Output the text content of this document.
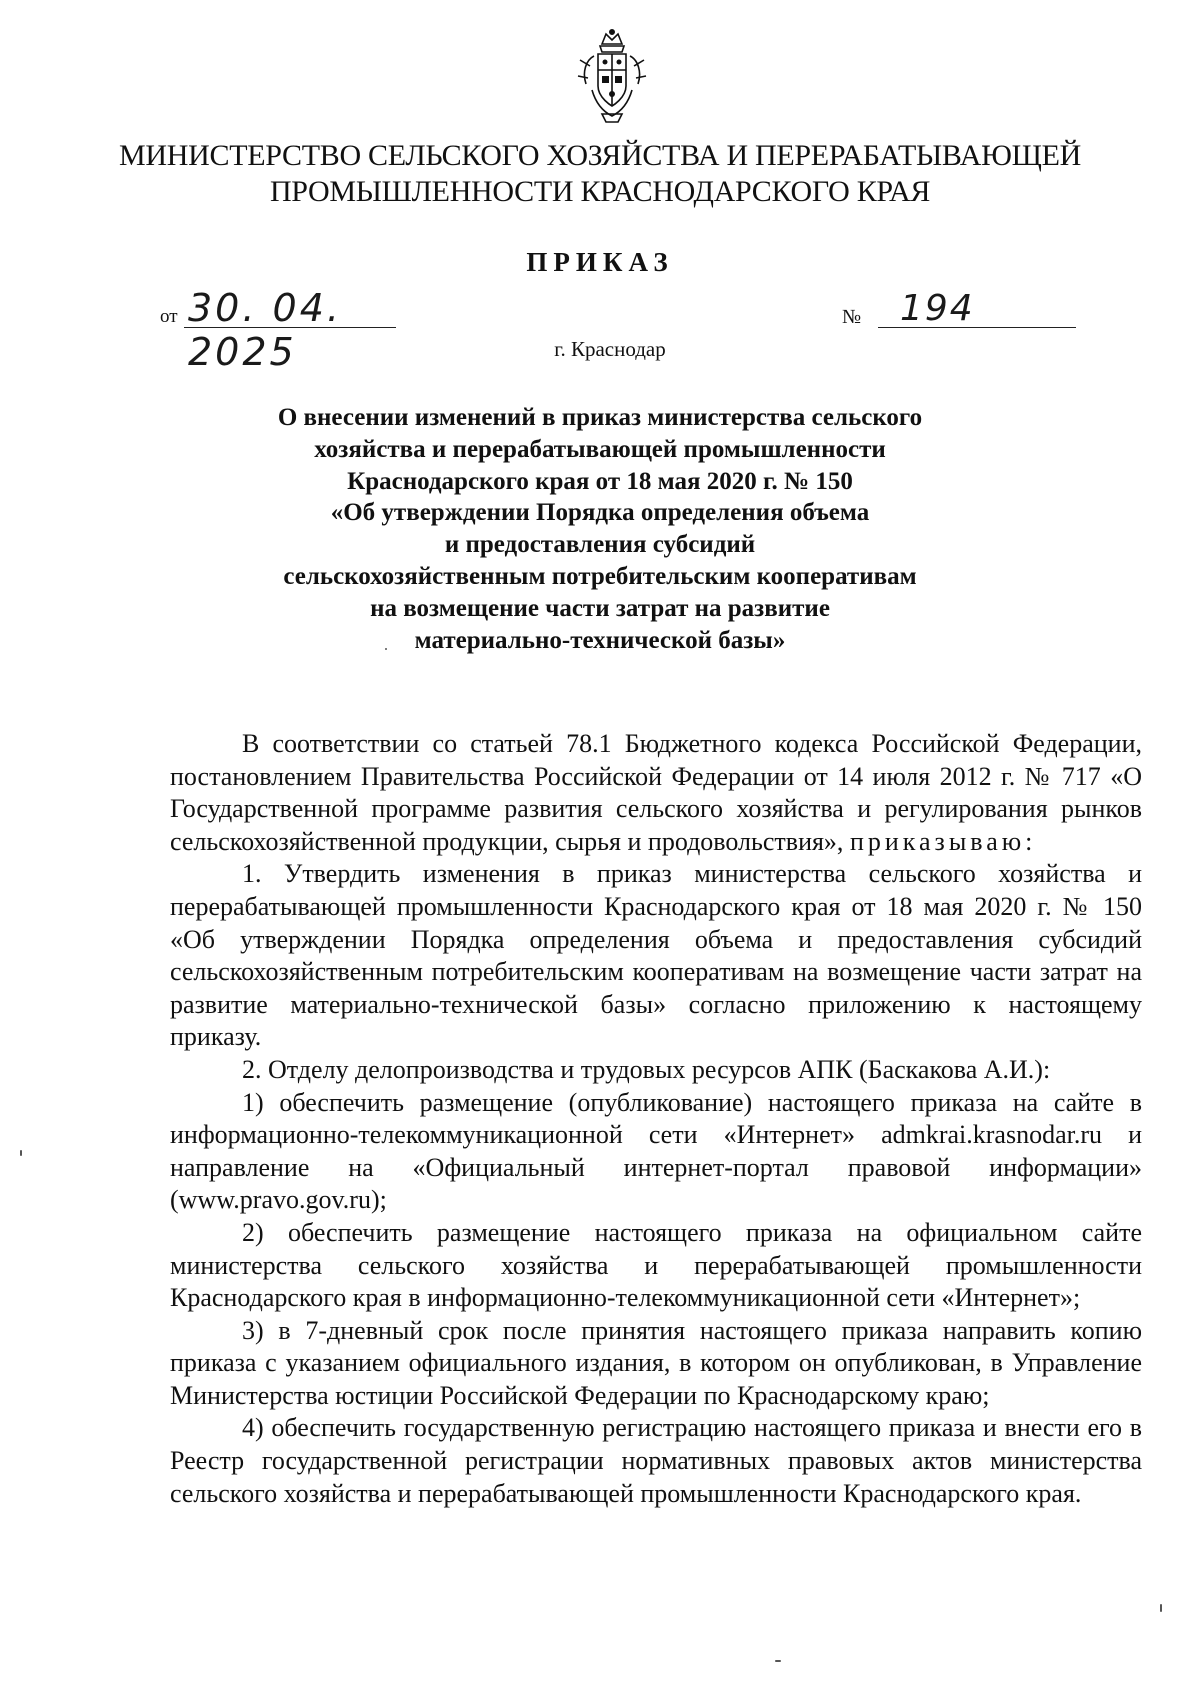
МИНИСТЕРСТВО СЕЛЬСКОГО ХОЗЯЙСТВА И ПЕРЕРАБАТЫВАЮЩЕЙ
ПРОМЫШЛЕННОСТИ КРАСНОДАРСКОГО КРАЯ
ПРИКАЗ
от 30. 04. 2025
№ 194
г. Краснодар
О внесении изменений в приказ министерства сельского
хозяйства и перерабатывающей промышленности
Краснодарского края от 18 мая 2020 г. № 150
«Об утверждении Порядка определения объема
и предоставления субсидий
сельскохозяйственным потребительским кооперативам
на возмещение части затрат на развитие
материально-технической базы»

В соответствии со статьей 78.1 Бюджетного кодекса Российской Федерации, постановлением Правительства Российской Федерации от 14 июля 2012 г. № 717 «О Государственной программе развития сельского хозяйства и регулирования рынков сельскохозяйственной продукции, сырья и продовольствия», приказываю:

1. Утвердить изменения в приказ министерства сельского хозяйства и перерабатывающей промышленности Краснодарского края от 18 мая 2020 г. № 150 «Об утверждении Порядка определения объема и предоставления субсидий сельскохозяйственным потребительским кооперативам на возмещение части затрат на развитие материально-технической базы» согласно приложению к настоящему приказу.

2. Отделу делопроизводства и трудовых ресурсов АПК (Баскакова А.И.):

1) обеспечить размещение (опубликование) настоящего приказа на сайте в информационно-телекоммуникационной сети «Интернет» admkrai.krasnodar.ru и направление на «Официальный интернет-портал правовой информации» (www.pravo.gov.ru);

2) обеспечить размещение настоящего приказа на официальном сайте министерства сельского хозяйства и перерабатывающей промышленности Краснодарского края в информационно-телекоммуникационной сети «Интернет»;

3) в 7-дневный срок после принятия настоящего приказа направить копию приказа с указанием официального издания, в котором он опубликован, в Управление Министерства юстиции Российской Федерации по Краснодарскому краю;

4) обеспечить государственную регистрацию настоящего приказа и внести его в Реестр государственной регистрации нормативных правовых актов министерства сельского хозяйства и перерабатывающей промышленности Краснодарского края.
